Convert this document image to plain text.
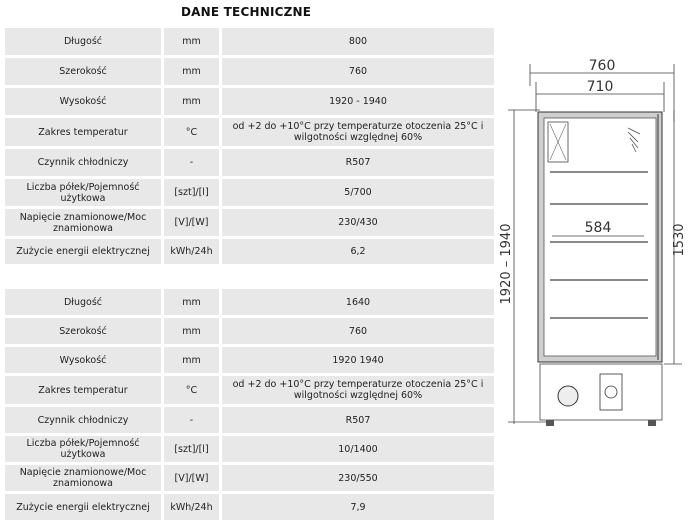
DANE TECHNICZNE
Długość	mm	800
Szerokość	mm	760
Wysokość	mm	1920 - 1940
Zakres temperatur	°C	od +2 do +10°C przy temperaturze otoczenia 25°C i wilgotności względnej 60%
Czynnik chłodniczy	-	R507
Liczba półek/Pojemność użytkowa	[szt]/[l]	5/700
Napięcie znamionowe/Moc znamionowa	[V]/[W]	230/430
Zużycie energii elektrycznej	kWh/24h	6,2
Długość	mm	1640
Szerokość	mm	760
Wysokość	mm	1920 1940
Zakres temperatur	°C	od +2 do +10°C przy temperaturze otoczenia 25°C i wilgotności względnej 60%
Czynnik chłodniczy	-	R507
Liczba półek/Pojemność użytkowa	[szt]/[l]	10/1400
Napięcie znamionowe/Moc znamionowa	[V]/[W]	230/550
Zużycie energii elektrycznej	kWh/24h	7,9
760
710
1920 – 1940	1530
584
